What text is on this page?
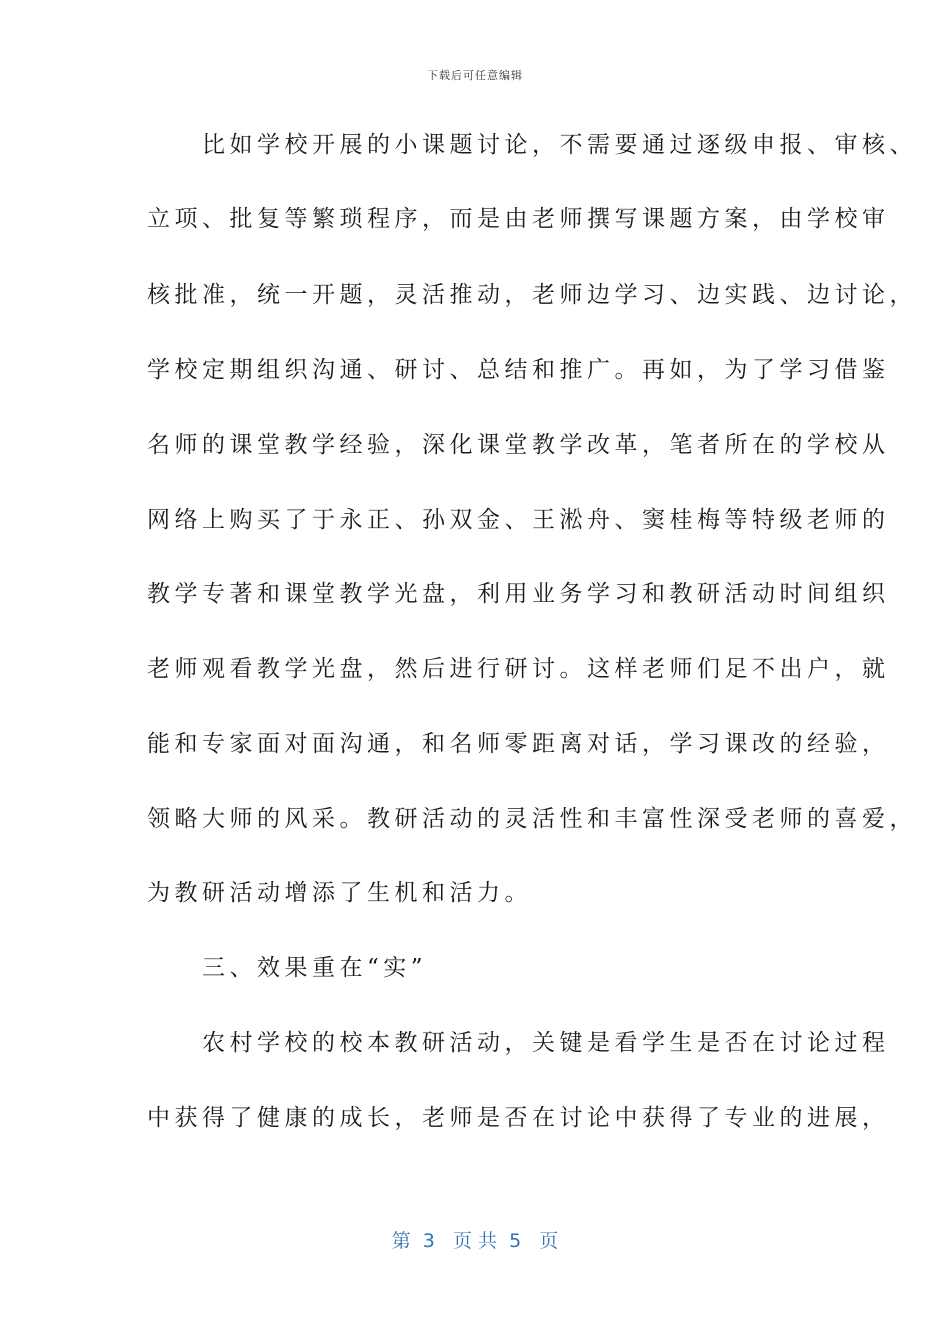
下载后可任意编辑
　　比如学校开展的小课题讨论，不需要通过逐级申报、审核、
立项、批复等繁琐程序，而是由老师撰写课题方案，由学校审
核批准，统一开题，灵活推动，老师边学习、边实践、边讨论，
学校定期组织沟通、研讨、总结和推广。再如，为了学习借鉴
名师的课堂教学经验，深化课堂教学改革，笔者所在的学校从
网络上购买了于永正、孙双金、王淞舟、窦桂梅等特级老师的
教学专著和课堂教学光盘，利用业务学习和教研活动时间组织
老师观看教学光盘，然后进行研讨。这样老师们足不出户，就
能和专家面对面沟通，和名师零距离对话，学习课改的经验，
领略大师的风采。教研活动的灵活性和丰富性深受老师的喜爱，
为教研活动增添了生机和活力。
　　三、效果重在“实”
　　农村学校的校本教研活动，关键是看学生是否在讨论过程
中获得了健康的成长，老师是否在讨论中获得了专业的进展，
第  3   页 共  5   页
